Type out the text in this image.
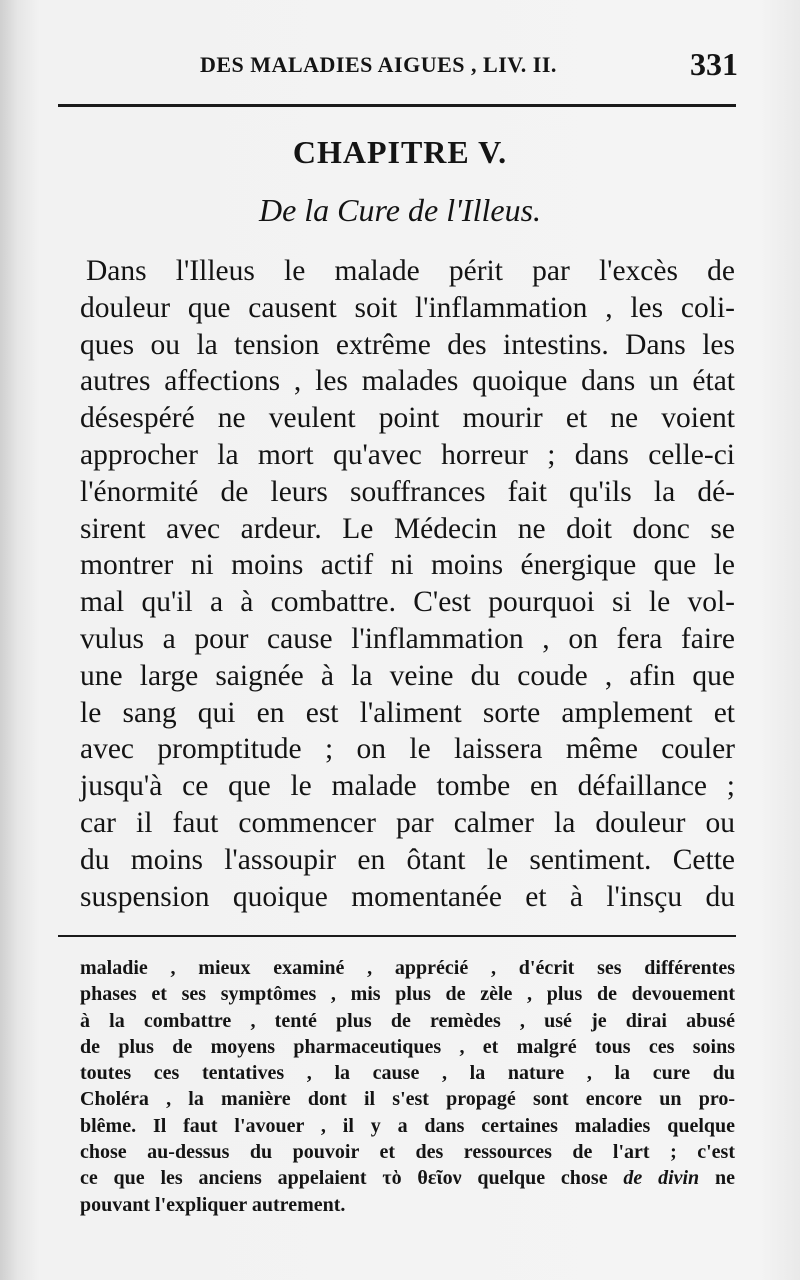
DES MALADIES AIGUES , LIV. II.	331
CHAPITRE V.
De la Cure de l'Illeus.
Dans l'Illeus le malade périt par l'excès de
douleur que causent soit l'inflammation , les coli-
ques ou la tension extrême des intestins. Dans les
autres affections , les malades quoique dans un état
désespéré ne veulent point mourir et ne voient
approcher la mort qu'avec horreur ; dans celle-ci
l'énormité de leurs souffrances fait qu'ils la dé-
sirent avec ardeur. Le Médecin ne doit donc se
montrer ni moins actif ni moins énergique que le
mal qu'il a à combattre. C'est pourquoi si le vol-
vulus a pour cause l'inflammation , on fera faire
une large saignée à la veine du coude , afin que
le sang qui en est l'aliment sorte amplement et
avec promptitude ; on le laissera même couler
jusqu'à ce que le malade tombe en défaillance ;
car il faut commencer par calmer la douleur ou
du moins l'assoupir en ôtant le sentiment. Cette
suspension quoique momentanée et à l'insçu du
maladie , mieux examiné , apprécié , d'écrit ses différentes
phases et ses symptômes , mis plus de zèle , plus de devouement
à la combattre , tenté plus de remèdes , usé je dirai abusé
de plus de moyens pharmaceutiques , et malgré tous ces soins
toutes ces tentatives , la cause , la nature , la cure du
Choléra , la manière dont il s'est propagé sont encore un pro-
blême. Il faut l'avouer , il y a dans certaines maladies quelque
chose au-dessus du pouvoir et des ressources de l'art ; c'est
ce que les anciens appelaient τὸ θεῖον quelque chose de divin ne
pouvant l'expliquer autrement.
